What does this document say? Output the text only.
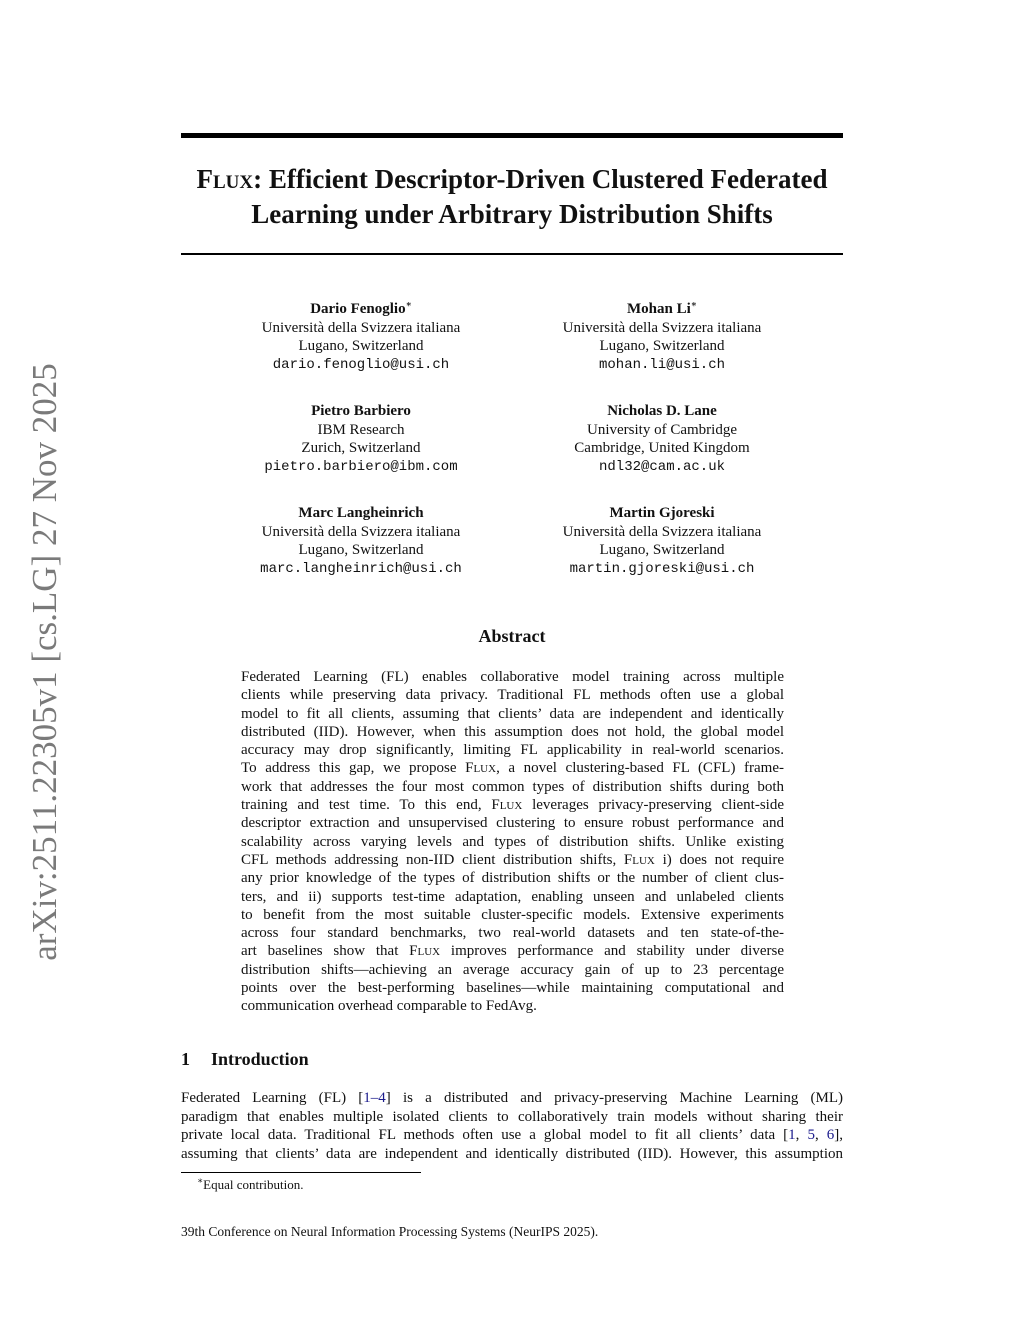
arXiv:2511.22305v1 [cs.LG] 27 Nov 2025
Flux: Efficient Descriptor-Driven Clustered Federated
Learning under Arbitrary Distribution Shifts
Dario Fenoglio∗
Università della Svizzera italiana
Lugano, Switzerland
dario.fenoglio@usi.ch
Mohan Li∗
Università della Svizzera italiana
Lugano, Switzerland
mohan.li@usi.ch
Pietro Barbiero
IBM Research
Zurich, Switzerland
pietro.barbiero@ibm.com
Nicholas D. Lane
University of Cambridge
Cambridge, United Kingdom
ndl32@cam.ac.uk
Marc Langheinrich
Università della Svizzera italiana
Lugano, Switzerland
marc.langheinrich@usi.ch
Martin Gjoreski
Università della Svizzera italiana
Lugano, Switzerland
martin.gjoreski@usi.ch
Abstract

Federated Learning (FL) enables collaborative model training across multiple
clients while preserving data privacy. Traditional FL methods often use a global
model to fit all clients, assuming that clients’ data are independent and identically
distributed (IID). However, when this assumption does not hold, the global model
accuracy may drop significantly, limiting FL applicability in real-world scenarios.
To address this gap, we propose Flux, a novel clustering-based FL (CFL) frame-
work that addresses the four most common types of distribution shifts during both
training and test time. To this end, Flux leverages privacy-preserving client-side
descriptor extraction and unsupervised clustering to ensure robust performance and
scalability across varying levels and types of distribution shifts. Unlike existing
CFL methods addressing non-IID client distribution shifts, Flux i) does not require
any prior knowledge of the types of distribution shifts or the number of client clus-
ters, and ii) supports test-time adaptation, enabling unseen and unlabeled clients
to benefit from the most suitable cluster-specific models. Extensive experiments
across four standard benchmarks, two real-world datasets and ten state-of-the-
art baselines show that Flux improves performance and stability under diverse
distribution shifts—achieving an average accuracy gain of up to 23 percentage
points over the best-performing baselines—while maintaining computational and
communication overhead comparable to FedAvg.

1 Introduction

Federated Learning (FL) [1–4] is a distributed and privacy-preserving Machine Learning (ML)
paradigm that enables multiple isolated clients to collaboratively train models without sharing their
private local data. Traditional FL methods often use a global model to fit all clients’ data [1, 5, 6],
assuming that clients’ data are independent and identically distributed (IID). However, this assumption

∗Equal contribution.

39th Conference on Neural Information Processing Systems (NeurIPS 2025).
